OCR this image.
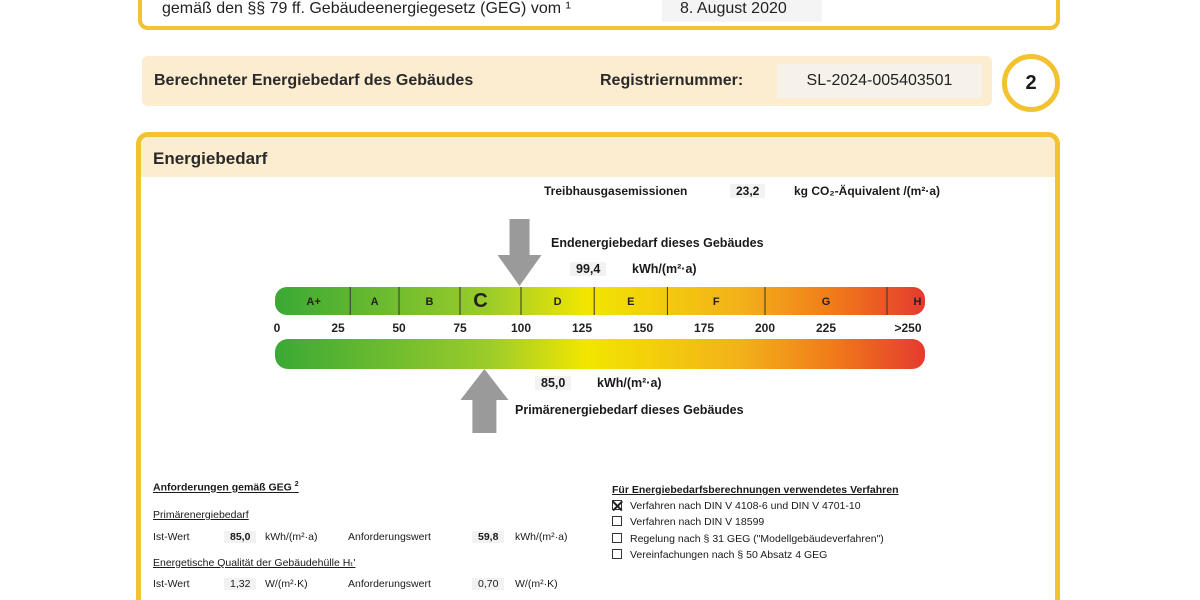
gemäß den §§ 79 ff. Gebäudeenergiegesetz (GEG) vom ¹	8. August 2020
Berechneter Energiebedarf des Gebäudes	Registriernummer:	SL-2024-005403501	2
Energiebedarf
Treibhausgasemissionen	23,2	kg CO₂-Äquivalent /(m²·a)
Endenergiebedarf dieses Gebäudes
99,4	kWh/(m²·a)
A+	A	B C	D	E	F	G	H
0	25	50	75	100	125	150	175	200	225	>250
85,0	kWh/(m²·a)
Primärenergiebedarf dieses Gebäudes
Anforderungen gemäß GEG $^2$
Primärenergiebedarf
Ist-Wert	85,0	kWh/(m²·a)	Anforderungswert	59,8	kWh/(m²·a)
Energetische Qualität der Gebäudehülle Hₜ'
Ist-Wert	1,32	W/(m²·K)	Anforderungswert	0,70	W/(m²·K)
Für Energiebedarfsberechnungen verwendetes Verfahren
Verfahren nach DIN V 4108-6 und DIN V 4701-10
Verfahren nach DIN V 18599
Regelung nach § 31 GEG ("Modellgebäudeverfahren")
Vereinfachungen nach § 50 Absatz 4 GEG
